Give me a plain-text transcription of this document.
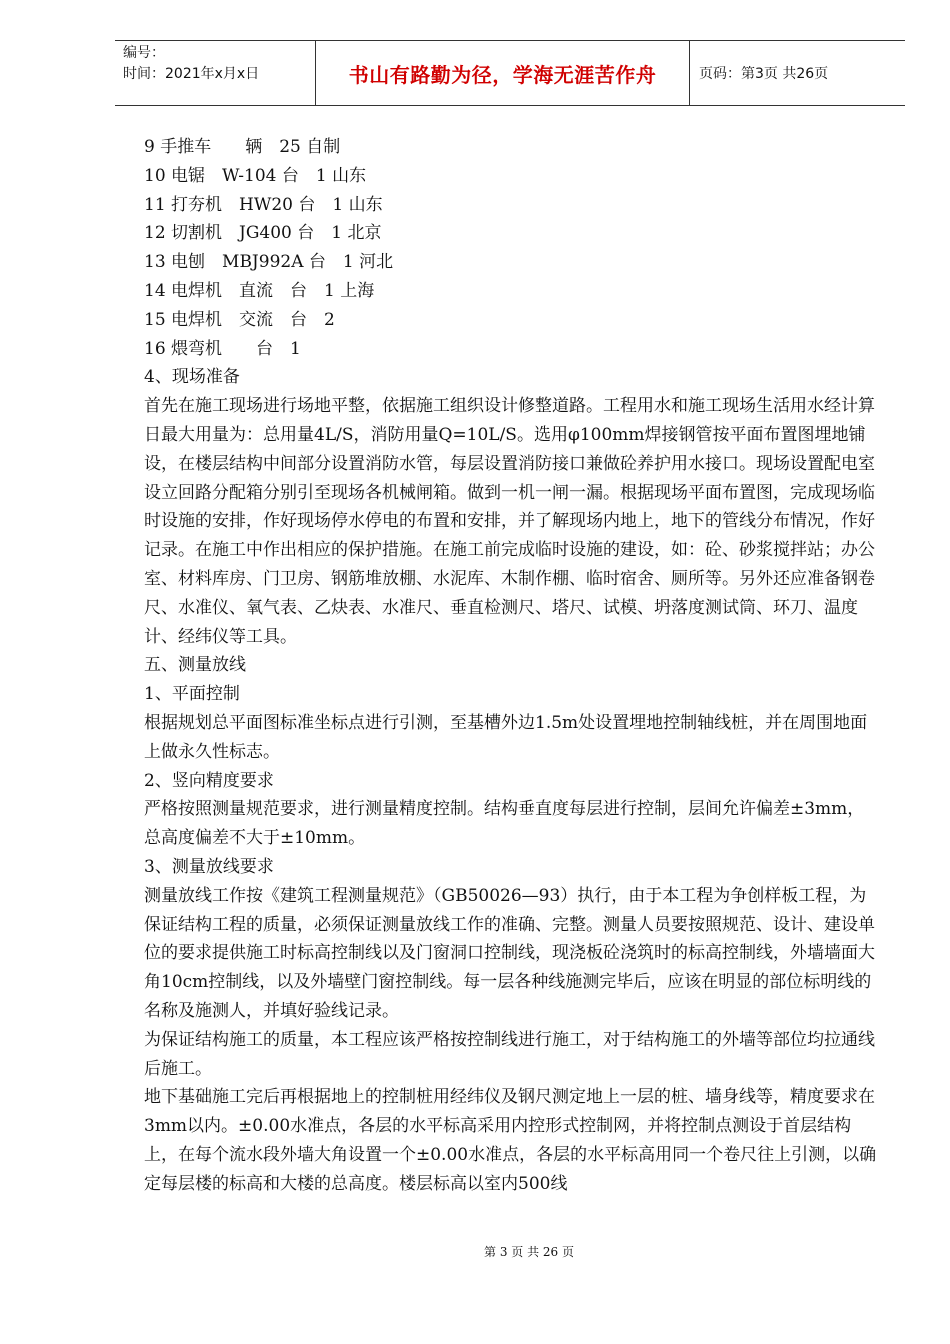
编号：
时间：2021年x月x日	书山有路勤为径，学海无涯苦作舟	页码：第3页 共26页

9 手推车　　辆　25 自制

10 电锯　W-104 台　1 山东

11 打夯机　HW20 台　1 山东

12 切割机　JG400 台　1 北京

13 电刨　MBJ992A 台　1 河北

14 电焊机　直流　台　1 上海

15 电焊机　交流　台　2

16 煨弯机　　台　1

4、现场准备

首先在施工现场进行场地平整，依据施工组织设计修整道路。工程用水和施工现场生活用水经计算日最大用量为：总用量4L/S，消防用量Q=10L/S。选用φ100mm焊接钢管按平面布置图埋地铺设，在楼层结构中间部分设置消防水管，每层设置消防接口兼做砼养护用水接口。现场设置配电室设立回路分配箱分别引至现场各机械闸箱。做到一机一闸一漏。根据现场平面布置图，完成现场临时设施的安排，作好现场停水停电的布置和安排，并了解现场内地上，地下的管线分布情况，作好记录。在施工中作出相应的保护措施。在施工前完成临时设施的建设，如：砼、砂浆搅拌站；办公室、材料库房、门卫房、钢筋堆放棚、水泥库、木制作棚、临时宿舍、厕所等。另外还应准备钢卷尺、水准仪、氧气表、乙炔表、水准尺、垂直检测尺、塔尺、试模、坍落度测试筒、环刀、温度计、经纬仪等工具。

五、测量放线

1、平面控制

根据规划总平面图标准坐标点进行引测，至基槽外边1.5m处设置埋地控制轴线桩，并在周围地面上做永久性标志。

2、竖向精度要求

严格按照测量规范要求，进行测量精度控制。结构垂直度每层进行控制，层间允许偏差±3mm，总高度偏差不大于±10mm。

3、测量放线要求

测量放线工作按《建筑工程测量规范》（GB50026—93）执行，由于本工程为争创样板工程，为保证结构工程的质量，必须保证测量放线工作的准确、完整。测量人员要按照规范、设计、建设单位的要求提供施工时标高控制线以及门窗洞口控制线，现浇板砼浇筑时的标高控制线，外墙墙面大角10cm控制线，以及外墙壁门窗控制线。每一层各种线施测完毕后，应该在明显的部位标明线的名称及施测人，并填好验线记录。

为保证结构施工的质量，本工程应该严格按控制线进行施工，对于结构施工的外墙等部位均拉通线后施工。

地下基础施工完后再根据地上的控制桩用经纬仪及钢尺测定地上一层的桩、墙身线等，精度要求在3mm以内。±0.00水准点，各层的水平标高采用内控形式控制网，并将控制点测设于首层结构上，在每个流水段外墙大角设置一个±0.00水准点，各层的水平标高用同一个卷尺往上引测，以确定每层楼的标高和大楼的总高度。楼层标高以室内500线

第 3 页 共 26 页
